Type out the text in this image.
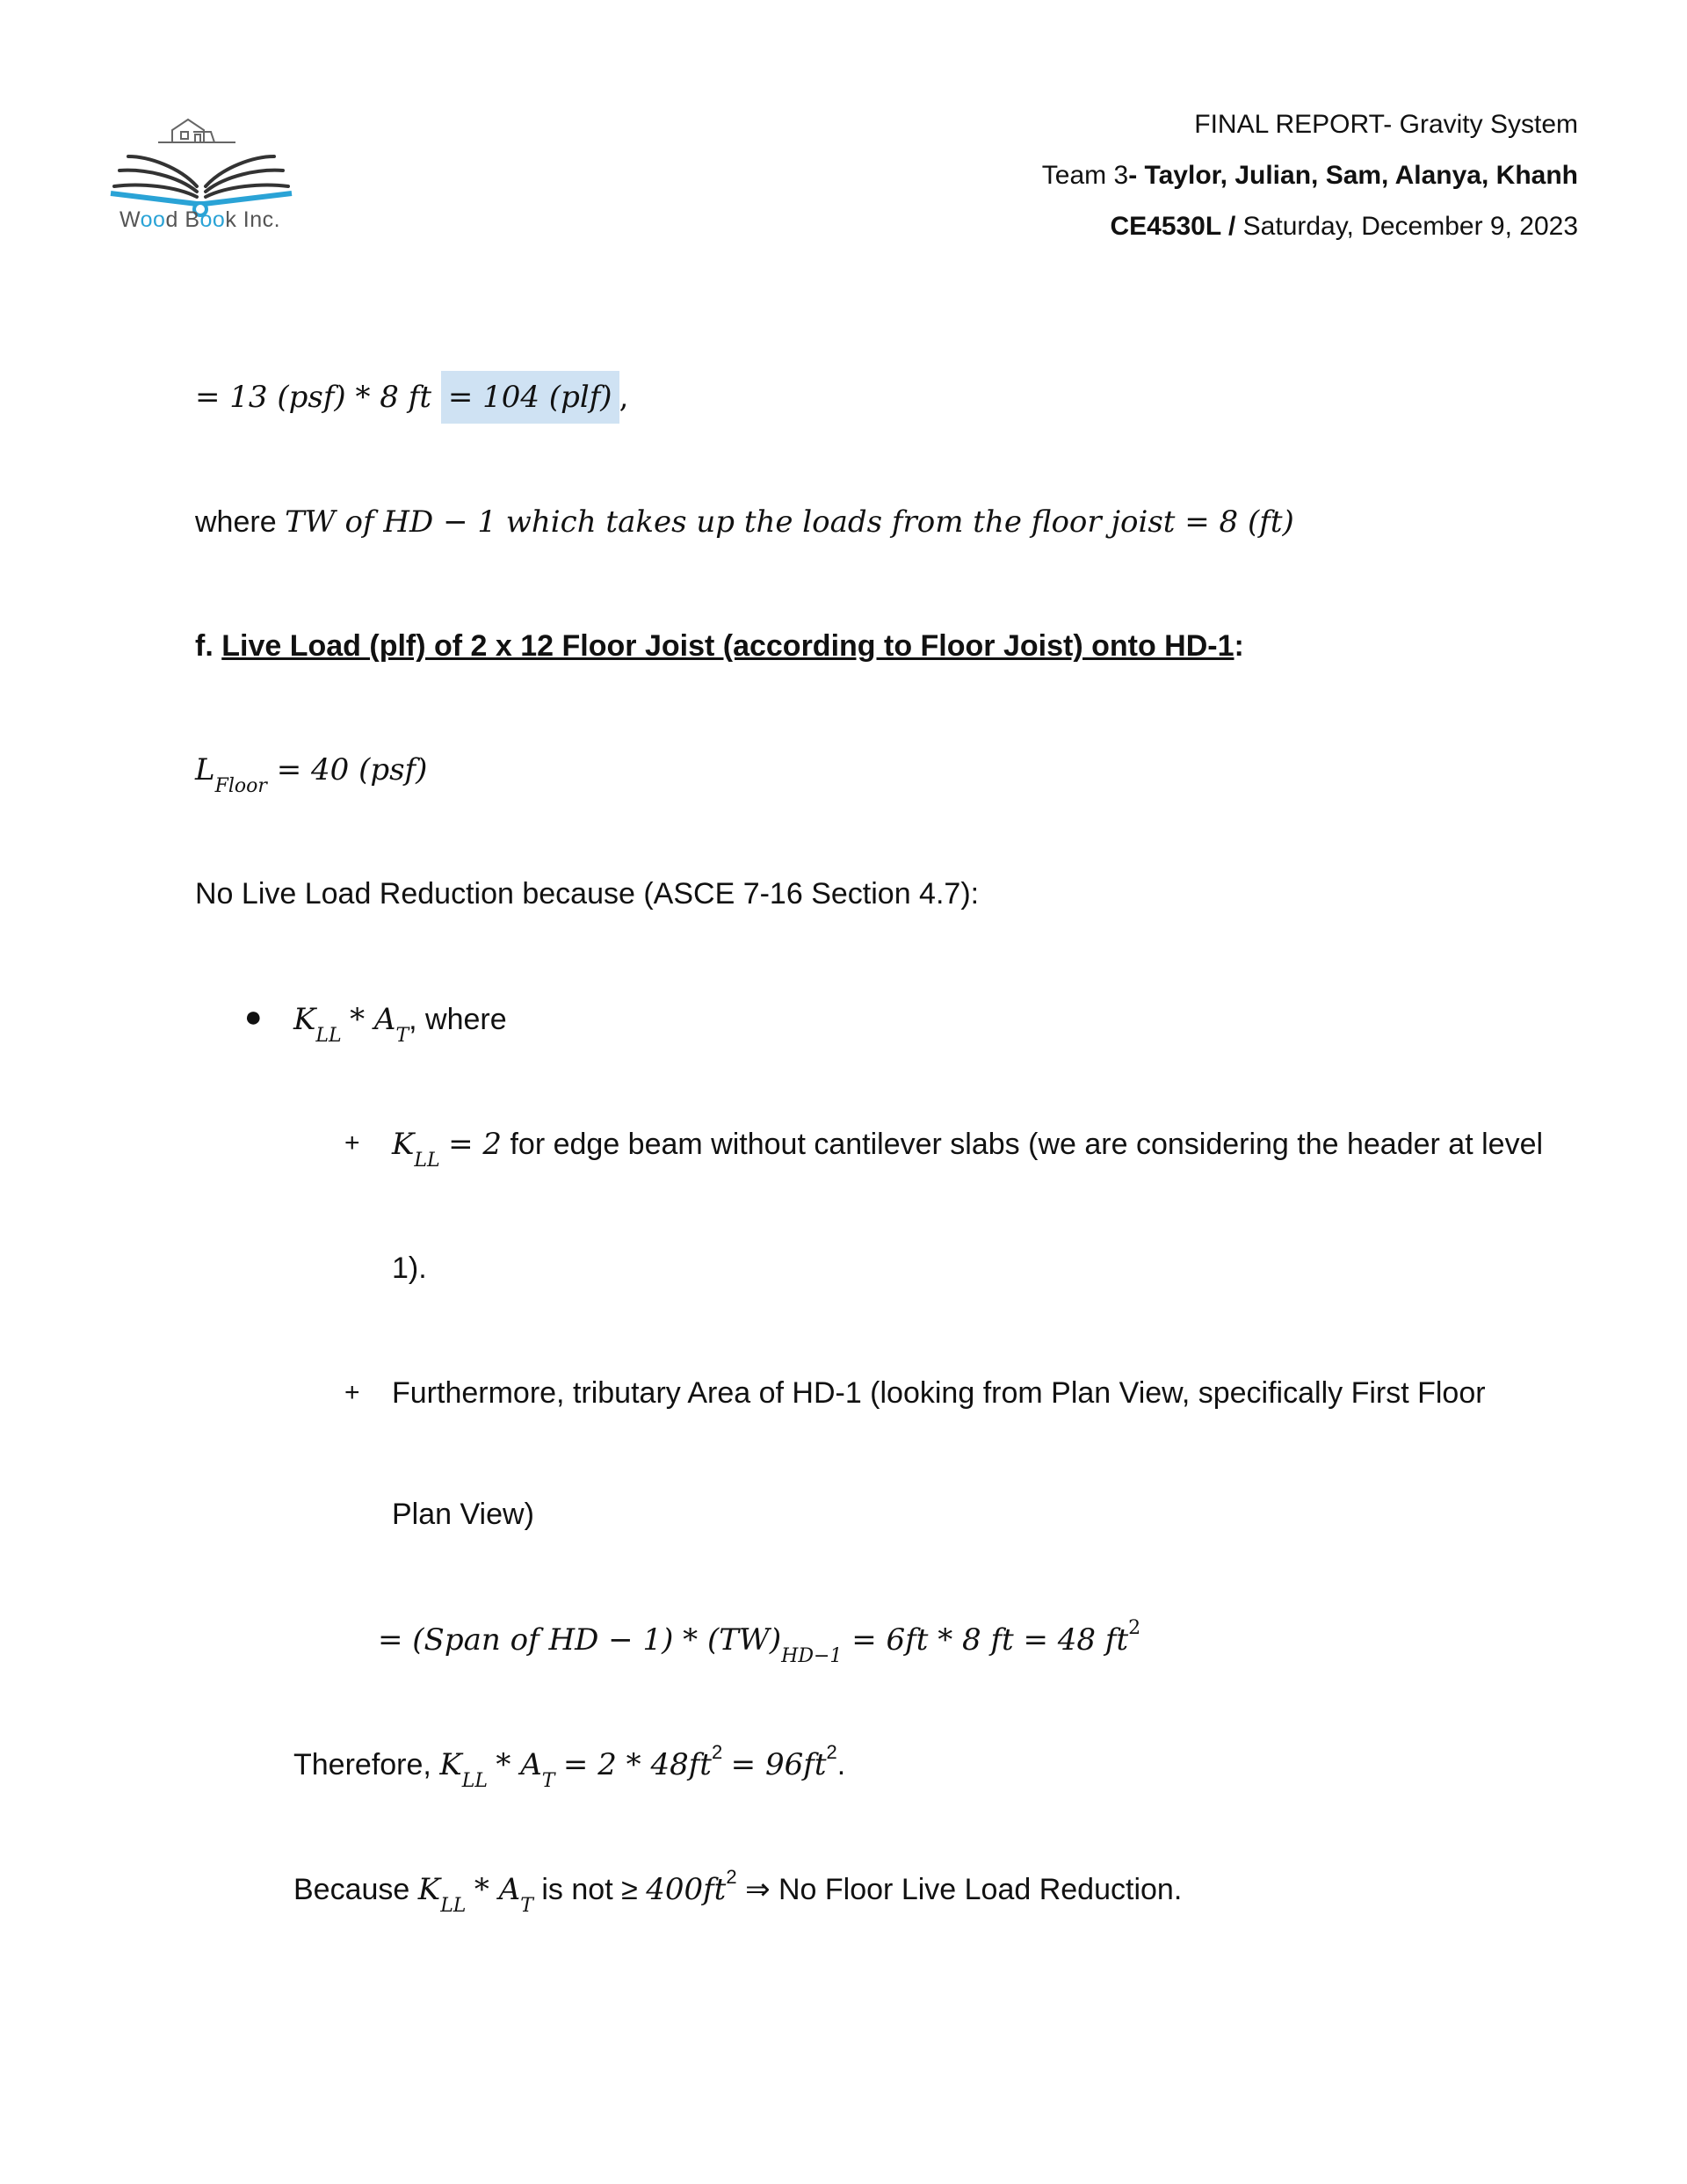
Wood Book Inc.
FINAL REPORT- Gravity System
Team 3- Taylor, Julian, Sam, Alanya, Khanh
CE4530L / Saturday, December 9, 2023
= 13 (psf) * 8 ft = 104 (plf) ,
where TW of HD − 1 which takes up the loads from the floor joist = 8 (ft)
f. Live Load (plf) of 2 x 12 Floor Joist (according to Floor Joist) onto HD-1:
$L_{Floor} = 40$ (psf)
No Live Load Reduction because (ASCE 7-16 Section 4.7):
● $K_{LL} * A_T$, where
+ $K_{LL} = 2$ for edge beam without cantilever slabs (we are considering the header at level
1).
+ Furthermore, tributary Area of HD-1 (looking from Plan View, specifically First Floor
Plan View)
= (Span of HD − $1) * (TW)_{HD-1} = 6ft * 8$ ft = 48 $ft^2$
Therefore, $K_{LL} * A_T = 2 * 48ft^2 = 96ft^2$.
Because $K_{LL} * A_T$ is not ≥ $400ft^2$ ⇒ No Floor Live Load Reduction.
